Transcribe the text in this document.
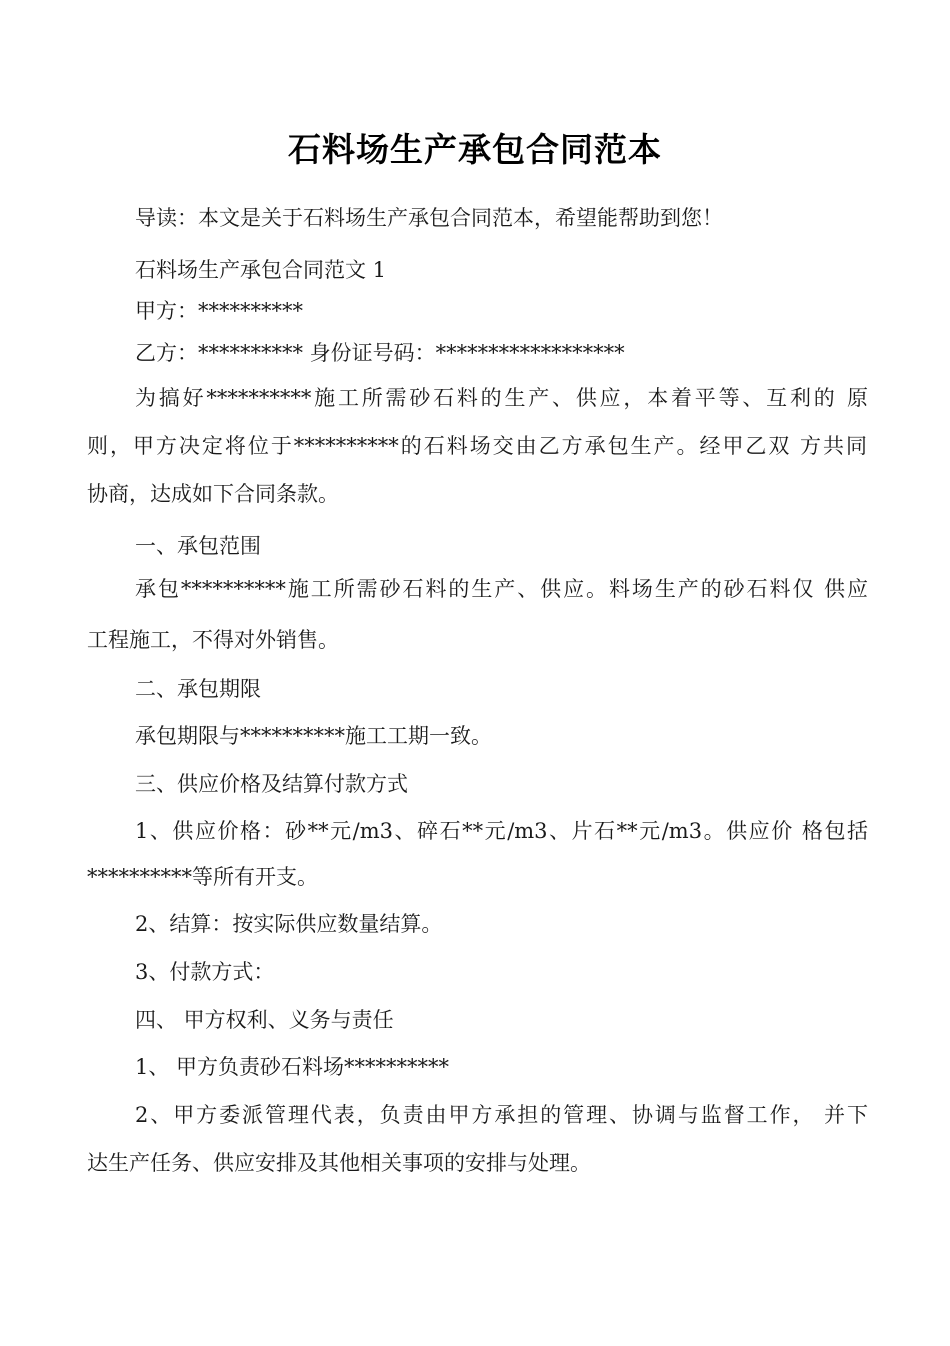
石料场生产承包合同范本
导读：本文是关于石料场生产承包合同范本，希望能帮助到您！
石料场生产承包合同范文 1
甲方：**********
乙方：********** 身份证号码：******************
为搞好**********施工所需砂石料的生产、供应，本着平等、互利的 原
则，甲方决定将位于**********的石料场交由乙方承包生产。经甲乙双 方共同
协商，达成如下合同条款。
一、承包范围
承包**********施工所需砂石料的生产、供应。料场生产的砂石料仅 供应
工程施工，不得对外销售。
二、承包期限
承包期限与**********施工工期一致。
三、供应价格及结算付款方式
1、供应价格：砂**元/m3、碎石**元/m3、片石**元/m3。供应价 格包括
**********等所有开支。
2、结算：按实际供应数量结算。
3、付款方式：
四、 甲方权利、义务与责任
1、 甲方负责砂石料场**********
2、甲方委派管理代表，负责由甲方承担的管理、协调与监督工作， 并下
达生产任务、供应安排及其他相关事项的安排与处理。
